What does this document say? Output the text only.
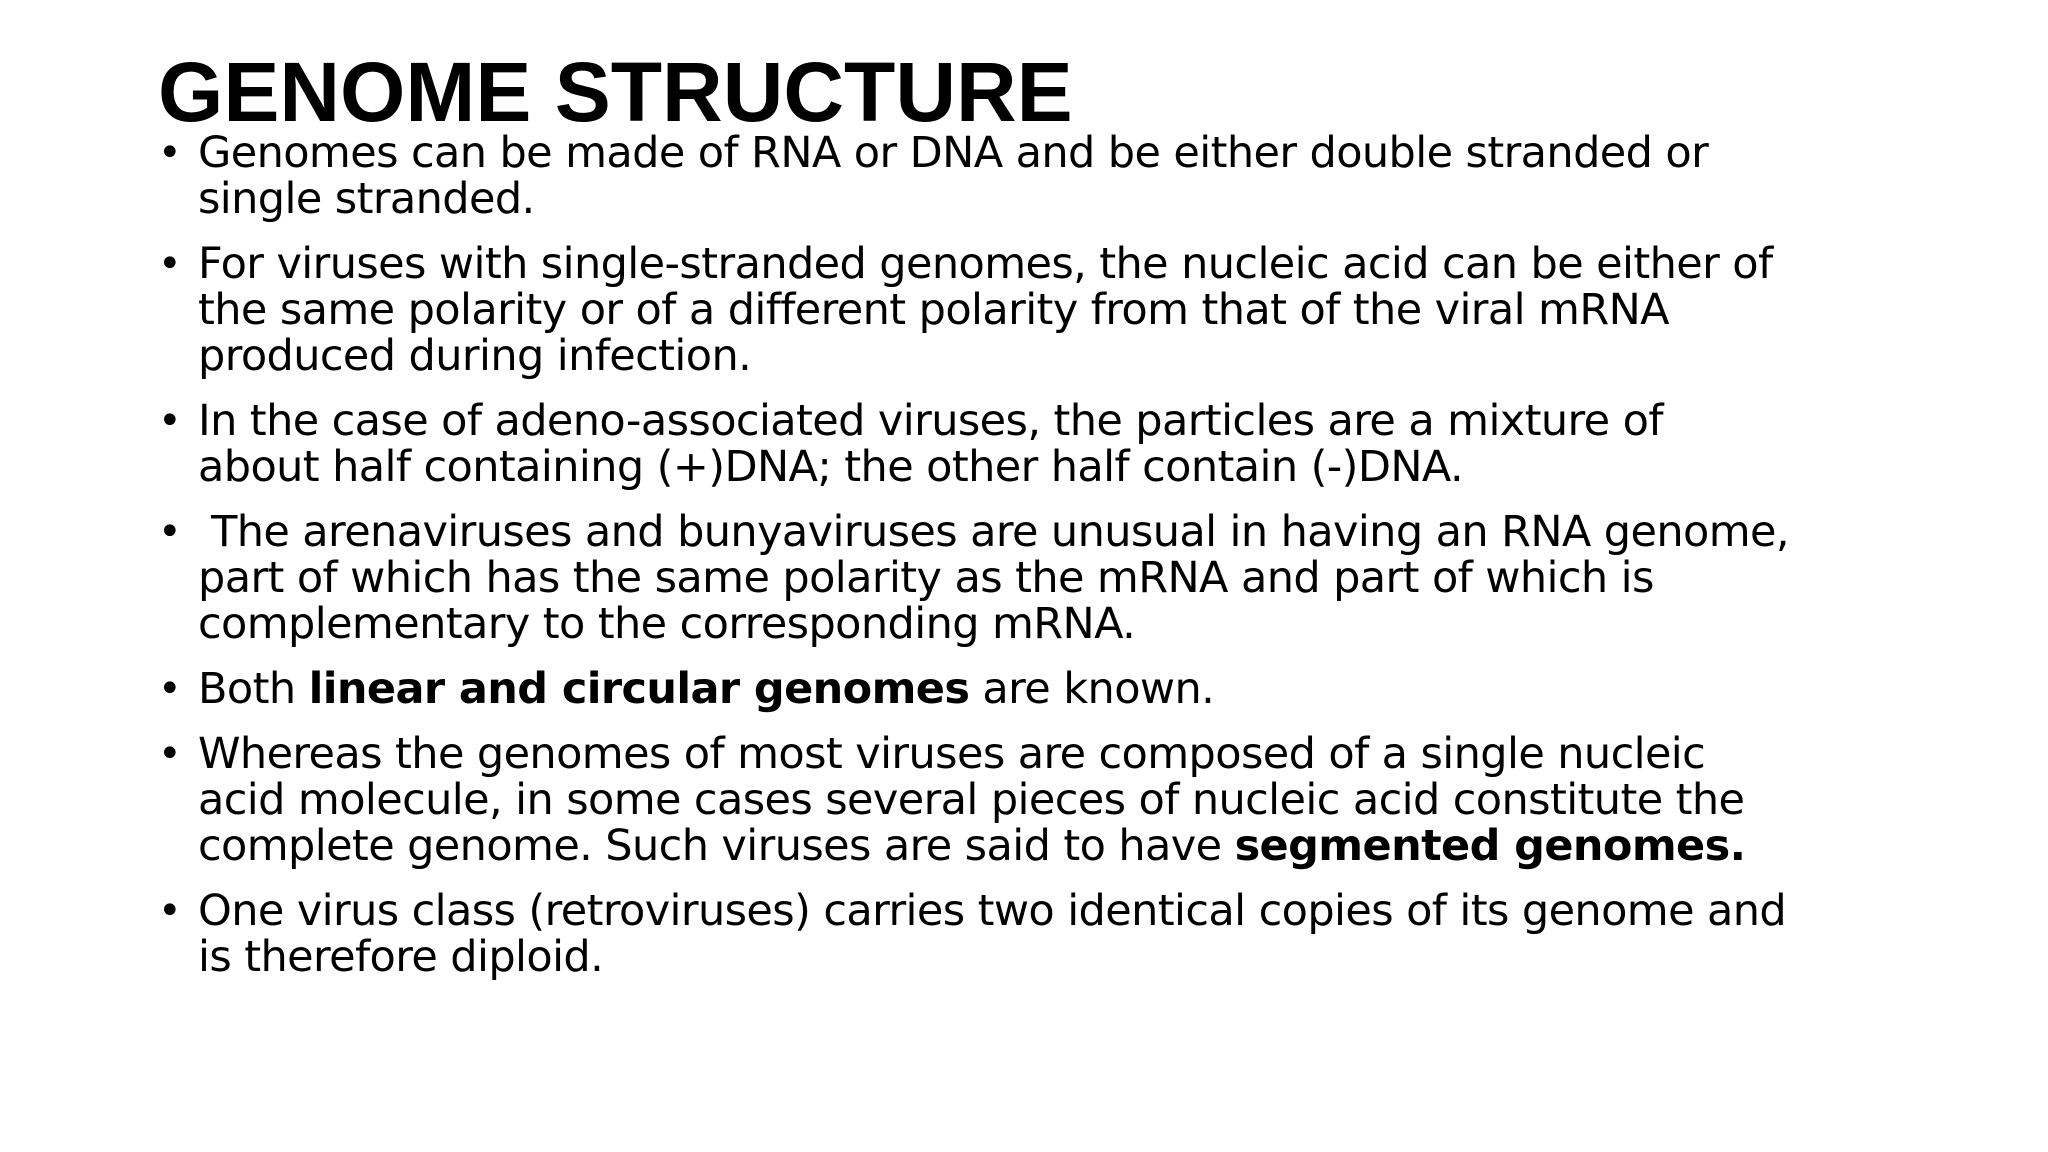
GENOME STRUCTURE
• Genomes can be made of RNA or DNA and be either double stranded or
single stranded.
• For viruses with single-stranded genomes, the nucleic acid can be either of
the same polarity or of a different polarity from that of the viral mRNA
produced during infection.
• In the case of adeno-associated viruses, the particles are a mixture of
about half containing (+)DNA; the other half contain (-)DNA.
• The arenaviruses and bunyaviruses are unusual in having an RNA genome,
part of which has the same polarity as the mRNA and part of which is
complementary to the corresponding mRNA.
• Both linear and circular genomes are known.
• Whereas the genomes of most viruses are composed of a single nucleic
acid molecule, in some cases several pieces of nucleic acid constitute the
complete genome. Such viruses are said to have segmented genomes.
• One virus class (retroviruses) carries two identical copies of its genome and
is therefore diploid.
